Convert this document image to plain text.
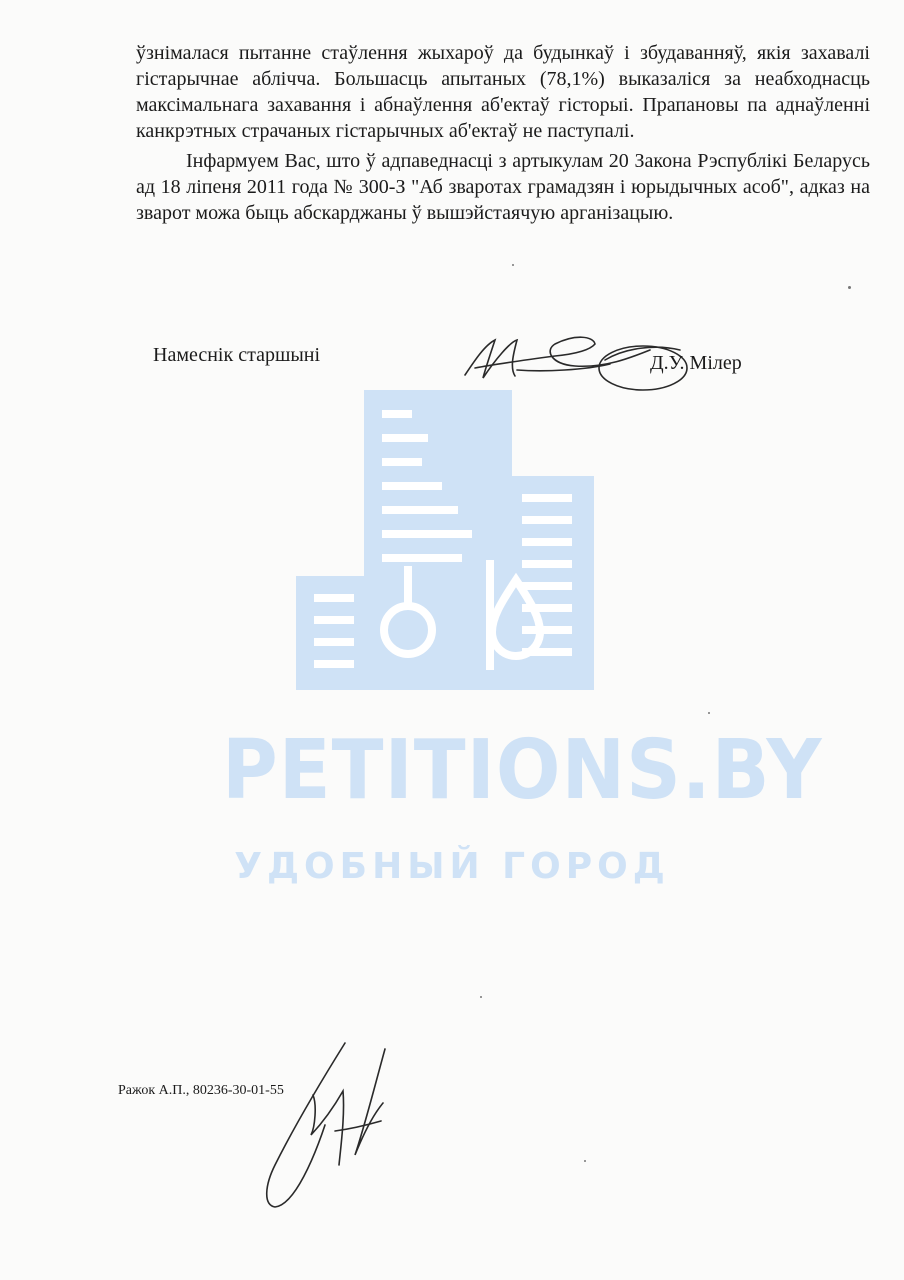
PETITIONS.BY
УДОБНЫЙ ГОРОД

ўзнімалася пытанне стаўлення жыхароў да будынкаў і збудаванняў, якія захавалі гістарычнае аблічча. Большасць апытаных (78,1%) выказаліся за неабходнасць максімальнага захавання і абнаўлення аб'ектаў гісторыі. Прапановы па аднаўленні канкрэтных страчаных гістарычных аб'ектаў не паступалі.

Інфармуем Вас, што ў адпаведнасці з артыкулам 20 Закона Рэспублікі Беларусь ад 18 ліпеня 2011 года № 300-З "Аб зваротах грамадзян і юрыдычных асоб", адказ на зварот можа быць абскарджаны ў вышэйстаячую арганізацыю.

Намеснік старшыні	Д.У. Мілер
Ражок А.П., 80236-30-01-55
